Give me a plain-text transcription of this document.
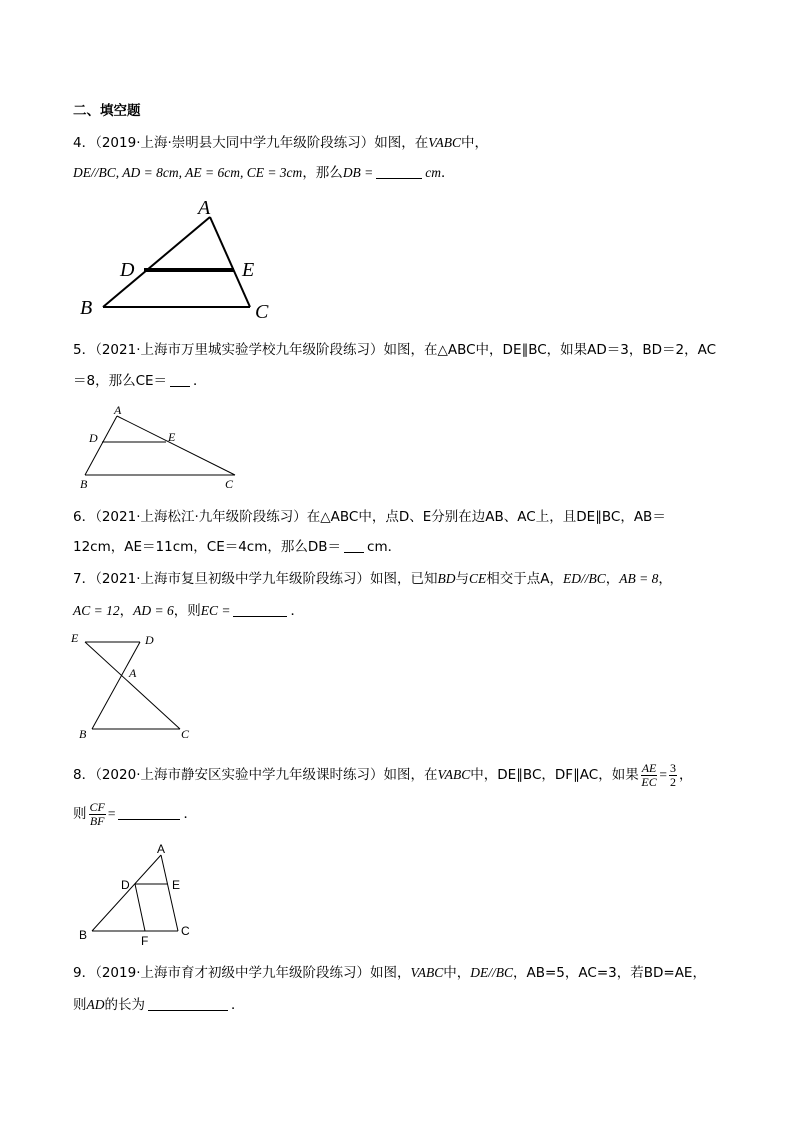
二、填空题
4．（2019·上海·崇明县大同中学九年级阶段练习）如图，在VABC中，
DE//BC, AD = 8cm, AE = 6cm, CE = 3cm，那么DB =	cm．
A
B	C
D	E
5．（2021·上海市万里城实验学校九年级阶段练习）如图，在△ABC中，DE∥BC，如果AD＝3，BD＝2，AC
＝8，那么CE＝ ．
A
B	C
D	E
6．（2021·上海松江·九年级阶段练习）在△ABC中，点D、E分别在边AB、AC上，且DE∥BC，AB＝
12cm，AE＝11cm，CE＝4cm，那么DB＝ cm．
7．（2021·上海市复旦初级中学九年级阶段练习）如图，已知BD与CE相交于点A，ED//BC，AB = 8，
AC = 12，AD = 6，则EC =	．
E	D
A
B	C
8．（2020·上海市静安区实验中学九年级课时练习）如图，在VABC中，DE∥BC，DF∥AC，如果 $\frac{AE}{EC} = \frac{3}{2}$ ，
则 $\frac{CF}{BF}$ =	．
A
B	C
D	E
F
9．（2019·上海市育才初级中学九年级阶段练习）如图，VABC中，DE//BC，AB=5，AC=3，若BD=AE，
则AD的长为	．
